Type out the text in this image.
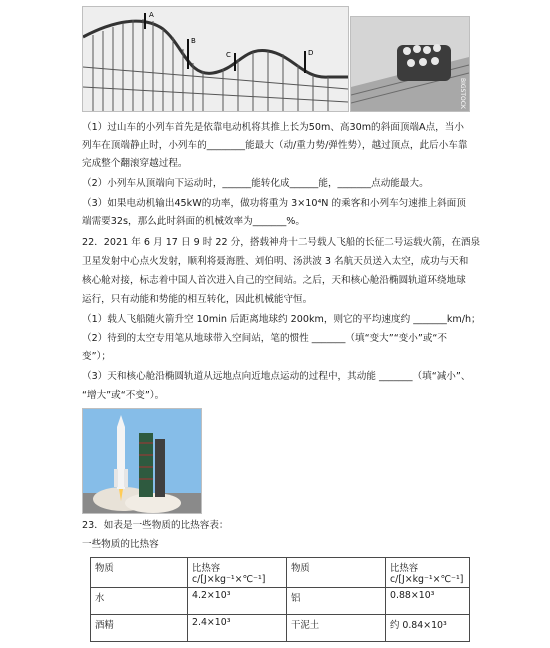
A
B
C	D
BIGSTOCK
（1）过山车的小列车首先是依靠电动机将其推上长为50m、高30m的斜面顶端A点，当小
列车在顶端静止时，小列车的________能最大（动/重力势/弹性势），越过顶点，此后小车靠
完成整个翻滚穿越过程。
（2）小列车从顶端向下运动时，______能转化成______能，_______点动能最大。
（3）如果电动机输出45kW的功率，做功将重为 3×10⁴N 的乘客和小列车匀速推上斜面顶
端需要32s，那么此时斜面的机械效率为_______%。
22．2021 年 6 月 17 日 9 时 22 分，搭载神舟十二号载人飞船的长征二号运载火箭，在酒泉
卫星发射中心点火发射，顺利将聂海胜、刘伯明、汤洪波 3 名航天员送入太空，成功与天和
核心舱对接，标志着中国人首次进入自己的空间站。之后，天和核心舱沿椭圆轨道环绕地球
运行，只有动能和势能的相互转化，因此机械能守恒。
（1）载人飞船随火箭升空 10min 后距离地球约 200km，则它的平均速度约 _______km/h；
（2）待到的太空专用笔从地球带入空间站，笔的惯性 _______（填“变大”“变小”或“不
变”）；
（3）天和核心舱沿椭圆轨道从远地点向近地点运动的过程中，其动能 _______（填“减小”、
“增大”或“不变”）。
23．如表是一些物质的比热容表：
一些物质的比热容
物质	比热容 c/[J×kg⁻¹×℃⁻¹]	物质	比热容 c/[J×kg⁻¹×℃⁻¹]
水	4.2×10³	铝	0.88×10³
酒精	2.4×10³	干泥土	约 0.84×10³
